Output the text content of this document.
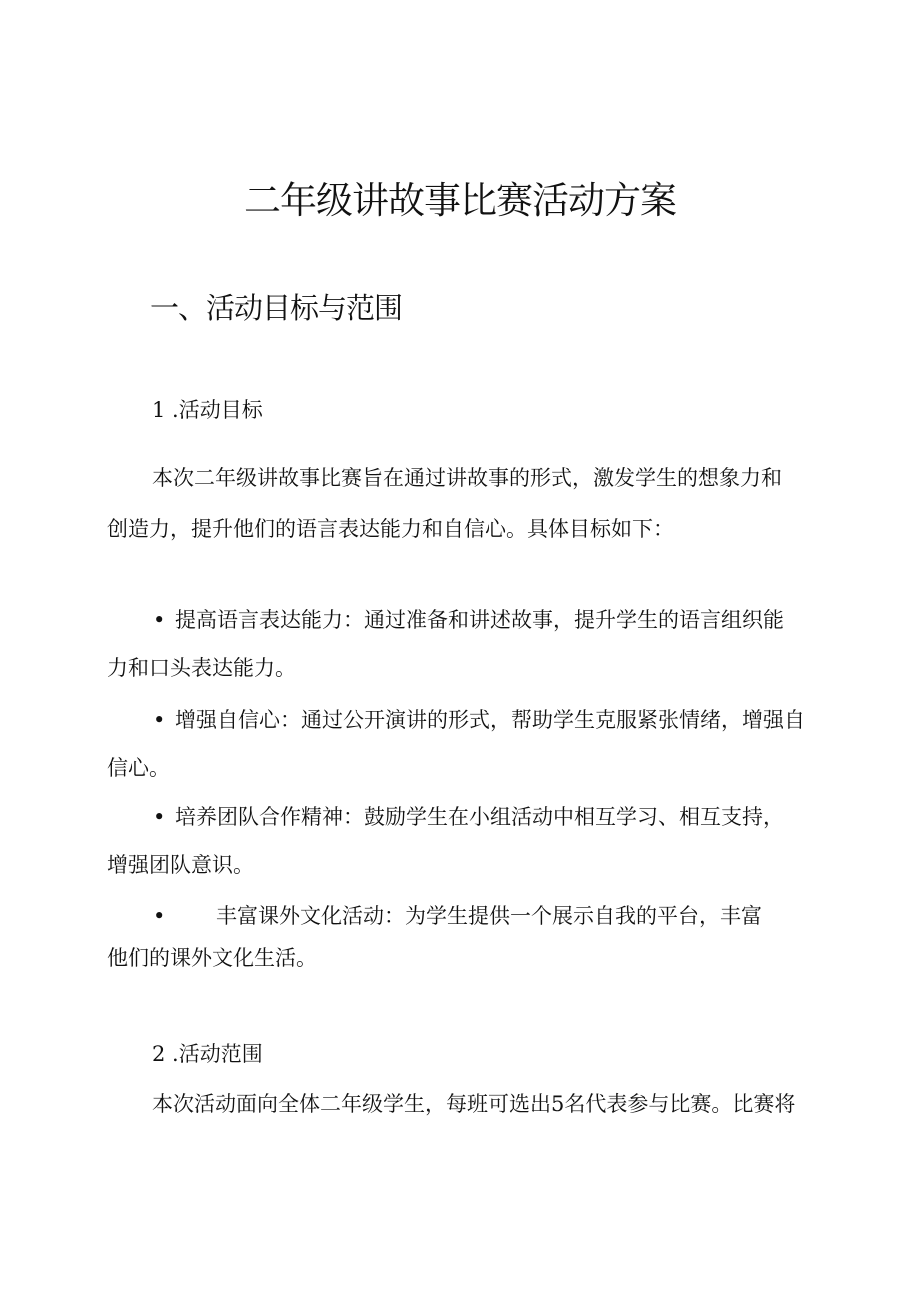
二年级讲故事比赛活动方案
一、活动目标与范围
1 .活动目标
本次二年级讲故事比赛旨在通过讲故事的形式，激发学生的想象力和
创造力，提升他们的语言表达能力和自信心。具体目标如下：
• 提高语言表达能力：通过准备和讲述故事，提升学生的语言组织能
力和口头表达能力。
• 增强自信心：通过公开演讲的形式，帮助学生克服紧张情绪，增强自
信心。
• 培养团队合作精神：鼓励学生在小组活动中相互学习、相互支持，
增强团队意识。
• 丰富课外文化活动：为学生提供一个展示自我的平台，丰富
他们的课外文化生活。
2 .活动范围
本次活动面向全体二年级学生，每班可选出5名代表参与比赛。比赛将
